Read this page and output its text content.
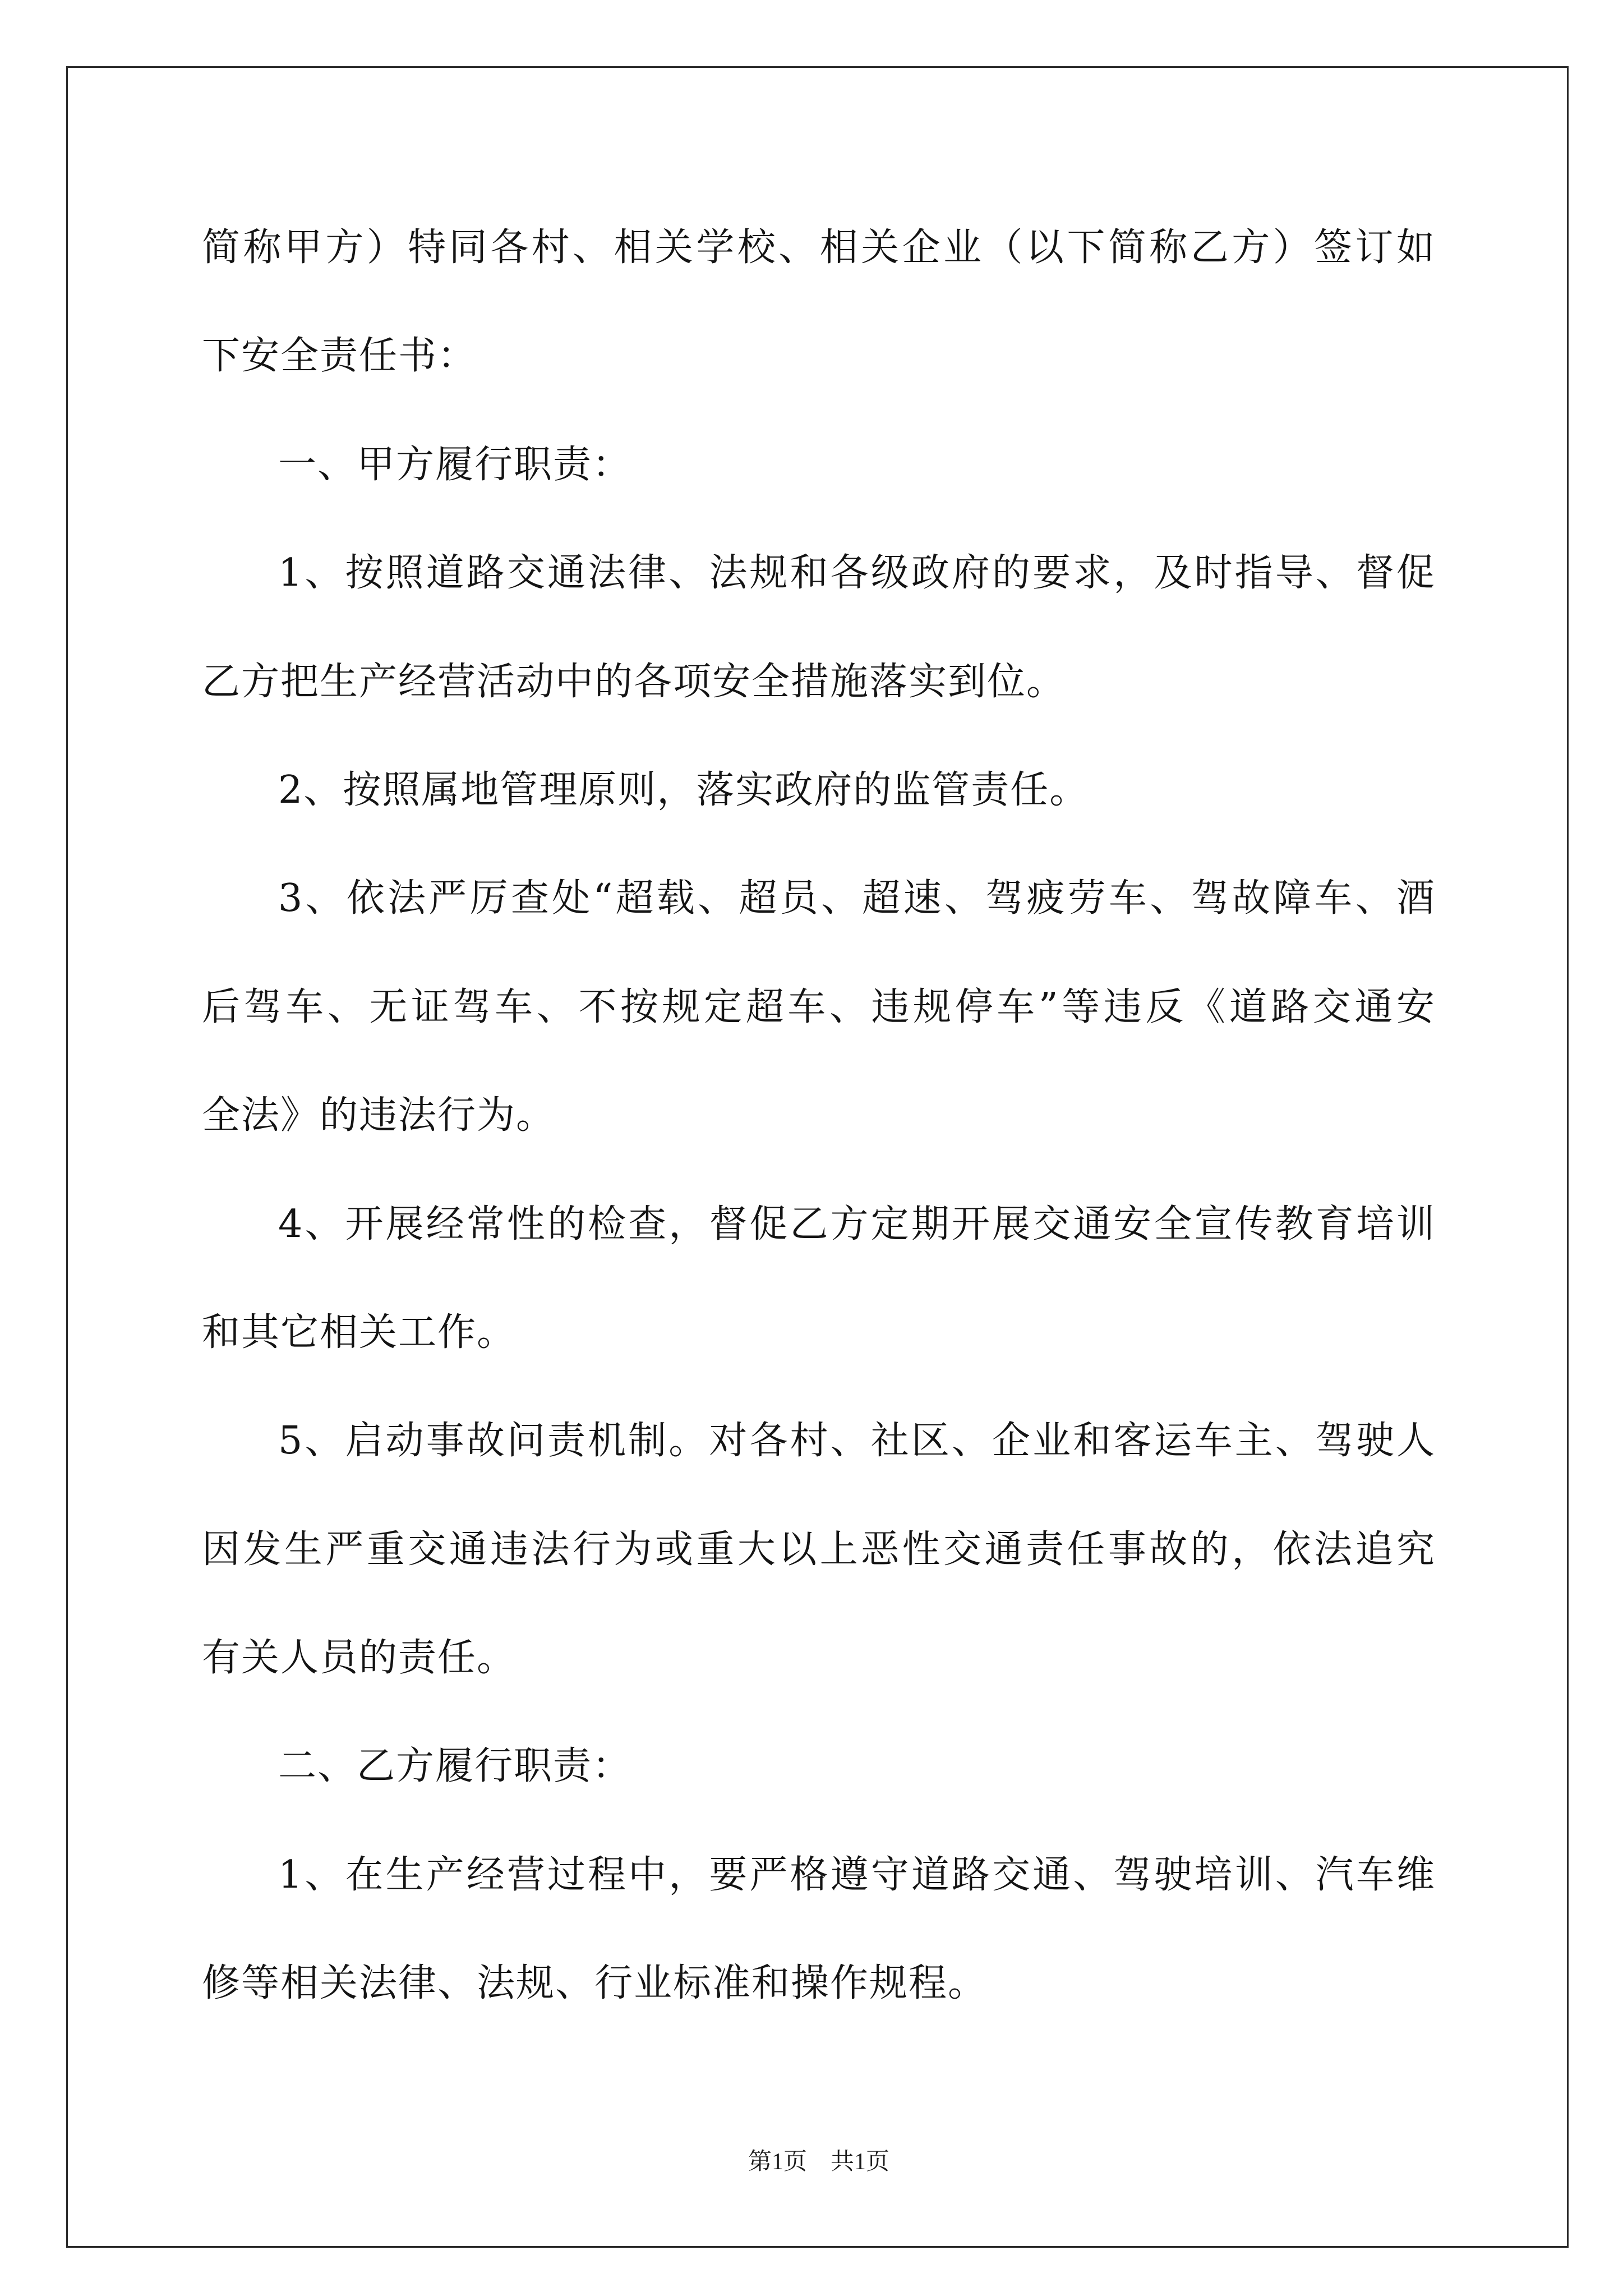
简称甲方）特同各村、相关学校、相关企业（以下简称乙方）签订如
下安全责任书：
一、甲方履行职责：
1、按照道路交通法律、法规和各级政府的要求，及时指导、督促
乙方把生产经营活动中的各项安全措施落实到位。
2、按照属地管理原则，落实政府的监管责任。
3、依法严厉查处“超载、超员、超速、驾疲劳车、驾故障车、酒
后驾车、无证驾车、不按规定超车、违规停车”等违反《道路交通安
全法》的违法行为。
4、开展经常性的检查，督促乙方定期开展交通安全宣传教育培训
和其它相关工作。
5、启动事故问责机制。对各村、社区、企业和客运车主、驾驶人
因发生严重交通违法行为或重大以上恶性交通责任事故的，依法追究
有关人员的责任。
二、乙方履行职责：
1、在生产经营过程中，要严格遵守道路交通、驾驶培训、汽车维
修等相关法律、法规、行业标准和操作规程。
第1页　共1页
